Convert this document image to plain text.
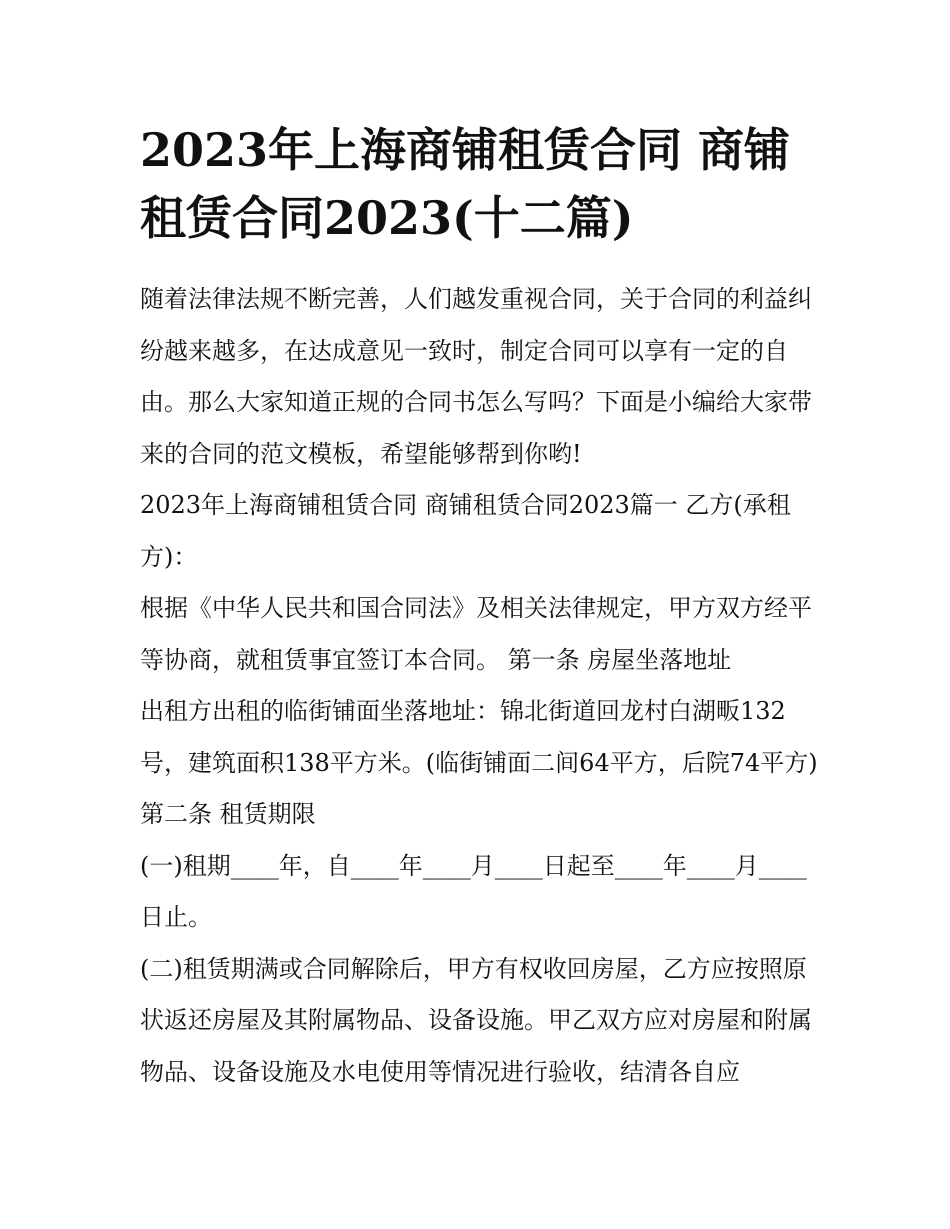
2023年上海商铺租赁合同 商铺租赁合同2023(十二篇)

随着法律法规不断完善，人们越发重视合同，关于合同的利益纠纷越来越多，在达成意见一致时，制定合同可以享有一定的自由。那么大家知道正规的合同书怎么写吗？下面是小编给大家带来的合同的范文模板，希望能够帮到你哟!

2023年上海商铺租赁合同 商铺租赁合同2023篇一 乙方(承租方)：

根据《中华人民共和国合同法》及相关法律规定，甲方双方经平等协商，就租赁事宜签订本合同。 第一条 房屋坐落地址

出租方出租的临街铺面坐落地址：锦北街道回龙村白湖畈132号，建筑面积138平方米。(临街铺面二间64平方，后院74平方) 第二条 租赁期限

(一)租期____年，自____年____月____日起至____年____月____日止。

(二)租赁期满或合同解除后，甲方有权收回房屋，乙方应按照原状返还房屋及其附属物品、设备设施。甲乙双方应对房屋和附属物品、设备设施及水电使用等情况进行验收，结清各自应
